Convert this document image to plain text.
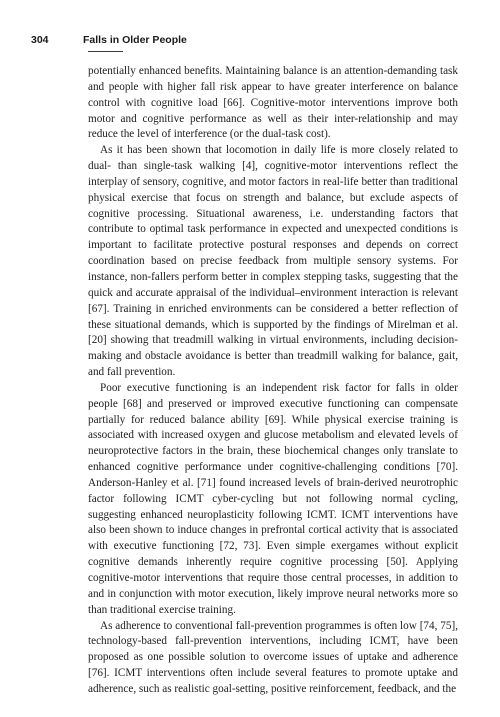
304	Falls in Older People

potentially enhanced benefits. Maintaining balance is an attention-demanding task and people with higher fall risk appear to have greater interference on balance control with cognitive load [66]. Cognitive-motor interventions improve both motor and cognitive performance as well as their inter-relationship and may reduce the level of interference (or the dual-task cost).

As it has been shown that locomotion in daily life is more closely related to dual- than single-task walking [4], cognitive-motor interventions reflect the interplay of sensory, cognitive, and motor factors in real-life better than traditional physical exercise that focus on strength and balance, but exclude aspects of cognitive processing. Situational awareness, i.e. understanding factors that contribute to optimal task performance in expected and unexpected conditions is important to facilitate protective postural responses and depends on correct coordination based on precise feedback from multiple sensory systems. For instance, non-fallers perform better in complex stepping tasks, suggesting that the quick and accurate appraisal of the individual–environment interaction is relevant [67]. Training in enriched environments can be considered a better reflection of these situational demands, which is supported by the findings of Mirelman et al. [20] showing that treadmill walking in virtual environments, including decision-making and obstacle avoidance is better than treadmill walking for balance, gait, and fall prevention.

Poor executive functioning is an independent risk factor for falls in older people [68] and preserved or improved executive functioning can compensate partially for reduced balance ability [69]. While physical exercise training is associated with increased oxygen and glucose metabolism and elevated levels of neuroprotective factors in the brain, these biochemical changes only translate to enhanced cognitive performance under cognitive-challenging conditions [70]. Anderson-Hanley et al. [71] found increased levels of brain-derived neurotrophic factor following ICMT cyber-cycling but not following normal cycling, suggesting enhanced neuroplasticity following ICMT. ICMT interventions have also been shown to induce changes in prefrontal cortical activity that is associated with executive functioning [72, 73]. Even simple exergames without explicit cognitive demands inherently require cognitive processing [50]. Applying cognitive-motor interventions that require those central processes, in addition to and in conjunction with motor execution, likely improve neural networks more so than traditional exercise training.

As adherence to conventional fall-prevention programmes is often low [74, 75], technology-based fall-prevention interventions, including ICMT, have been proposed as one possible solution to overcome issues of uptake and adherence [76]. ICMT interventions often include several features to promote uptake and adherence, such as realistic goal-setting, positive reinforcement, feedback, and the
